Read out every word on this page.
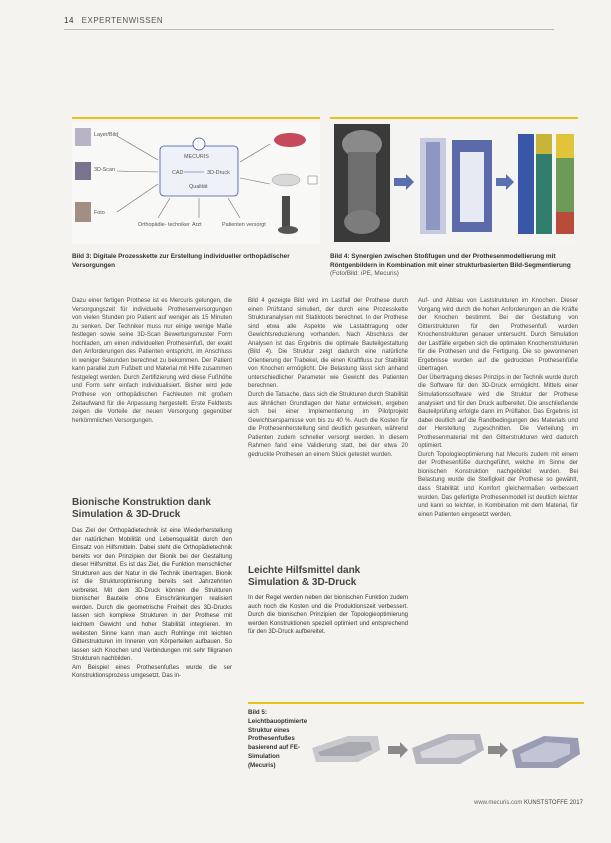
14 EXPERTENWISSEN
Layer/Bild
3D-Scan
Foto
MECURIS
CAD	3D-Druck
Qualität
Orthopädie- techniker Arzt	Patienten versorgt
Bild 3: Digitale Prozesskette zur Erstellung individueller orthopädischer Versorgungen
Bild 4: Synergien zwischen Stoßfugen und der Prothesenmodellierung mit Röntgenbildern in Kombination mit einer strukturbasierten Bild-Segmentierung
(Foto/Bild: iPE, Mecuris)

Dazu einer fertigen Prothese ist es Mercuris gelungen, die Versorgungszeit für individuelle Prothesenversorgungen von vielen Stunden pro Patient auf weniger als 15 Minuten zu senken. Der Techniker muss nur einige wenige Maße festlegen sowie seine 3D-Scan Bewertungsmuster Form hochladen, um einen individuellen Prothesenfuß, der exakt den Anforderungen des Patienten entspricht, im Anschluss in weniger Sekunden berechnet zu bekommen. Der Patient kann parallel zum Fußbett und Material mit Hilfe zusammen festgelegt werden. Durch Zertifizierung wird diese Fußhöhe und Form sehr einfach individualisiert. Bisher wird jede Prothese von orthopädischen Fachleuten mit großem Zeitaufwand für die Anpassung hergestellt. Erste Feldtests zeigen die Vorteile der neuen Versorgung gegenüber herkömmlichen Versorgungen.

Bionische Konstruktion dank Simulation & 3D-Druck

Das Ziel der Orthopädietechnik ist eine Wiederherstellung der natürlichen Mobilität und Lebensqualität durch den Einsatz von Hilfsmitteln. Dabei steht die Orthopädietechnik bereits vor den Prinzipien der Bionik bei der Gestaltung dieser Hilfsmittel. Es ist das Ziel, die Funktion menschlicher Strukturen aus der Natur in die Technik übertragen. Bionik ist die Strukturoptimierung bereits seit Jahrzehnten verbreitet. Mit dem 3D-Druck können die Strukturen bionischer Bauteile ohne Einschränkungen realisiert werden. Durch die geometrische Freiheit des 3D-Drucks lassen sich komplexe Strukturen in der Prothese mit leichtem Gewicht und hoher Stabilität integrieren. Im weitesten Sinne kann man auch Rohlinge mit leichten Gitterstrukturen im Inneren von Körperteilen aufbauen. So lassen sich Knochen und Verbindungen mit sehr filigranen Strukturen nachbilden.

Am Beispiel eines Prothesenfußes wurde die ser Konstruktionsprozess umgesetzt. Das in-

Bild 4 gezeigte Bild wird im Lastfall der Prothese durch einen Prüfstand simuliert, der durch eine Prozesskette Strukturanalysen mit Statiktools berechnet. In der Prothese sind etwa alle Aspekte wie Lastabtragung oder Gewichtsreduzierung vorhanden. Nach Abschluss der Analysen ist das Ergebnis die optimale Bauteilgestaltung (Bild 4). Die Struktur zeigt dadurch eine natürliche Orientierung der Trabekel, die einen Kraftfluss zur Stabilität von Knochen ermöglicht. Die Belastung lässt sich anhand unterschiedlicher Parameter wie Gewicht des Patienten berechnen.

Durch die Tatsache, dass sich die Strukturen durch Stabilität aus ähnlichen Grundlagen der Natur entwickeln, ergeben sich bei einer Implementierung im Pilotprojekt Gewichtsersparnisse von bis zu 40 %. Auch die Kosten für die Prothesenherstellung sind deutlich gesunken, während Patienten zudem schneller versorgt werden. In diesem Rahmen fand eine Validierung statt, bei der etwa 20 gedruckte Prothesen an einem Stück getestet wurden.

Leichte Hilfsmittel dank Simulation & 3D-Druck

In der Regel werden neben der bionischen Funktion zudem auch noch die Kosten und die Produktionszeit verbessert. Durch die bionischen Prinzipien der Topologieoptimierung werden Konstruktionen speziell optimiert und entsprechend für den 3D-Druck aufbereitet.

Auf- und Abbau von Laststrukturen im Knochen. Dieser Vorgang wird durch die hohen Anforderungen an die Kräfte der Knochen bestimmt. Bei der Gestaltung von Gitterstrukturen für den Prothesenfuß wurden Knochenstrukturen genauer untersucht. Durch Simulation der Lastfälle ergeben sich die optimalen Knochenstrukturen für die Prothesen und die Fertigung. Die so gewonnenen Ergebnisse wurden auf die gedruckten Prothesenfüße übertragen.

Der Übertragung dieses Prinzips in der Technik wurde durch die Software für den 3D-Druck ermöglicht. Mittels einer Simulationssoftware wird die Struktur der Prothese analysiert und für den Druck aufbereitet. Die anschließende Bauteilprüfung erfolgte dann im Prüflabor. Das Ergebnis ist dabei deutlich auf die Randbedingungen des Materials und der Herstellung zugeschnitten. Die Verteilung im Prothesenmaterial mit den Gitterstrukturen wird dadurch optimiert.

Durch Topologieoptimierung hat Mecuris zudem mit einem der Prothesenfüße durchgeführt, welche im Sinne der bionischen Konstruktion nachgebildet wurden. Bei Belastung wurde die Steifigkeit der Prothese so gewählt, dass Stabilität und Komfort gleichermaßen verbessert wurden. Das gefertigte Prothesenmodell ist deutlich leichter und kann so leichter, in Kombination mit dem Material, für einen Patienten eingesetzt werden.

Bild 5: Leichtbauoptimierte Struktur eines Prothesenfußes basierend auf FE-Simulation (Mecuris)
www.mecuris.com KUNSTSTOFFE 2017
